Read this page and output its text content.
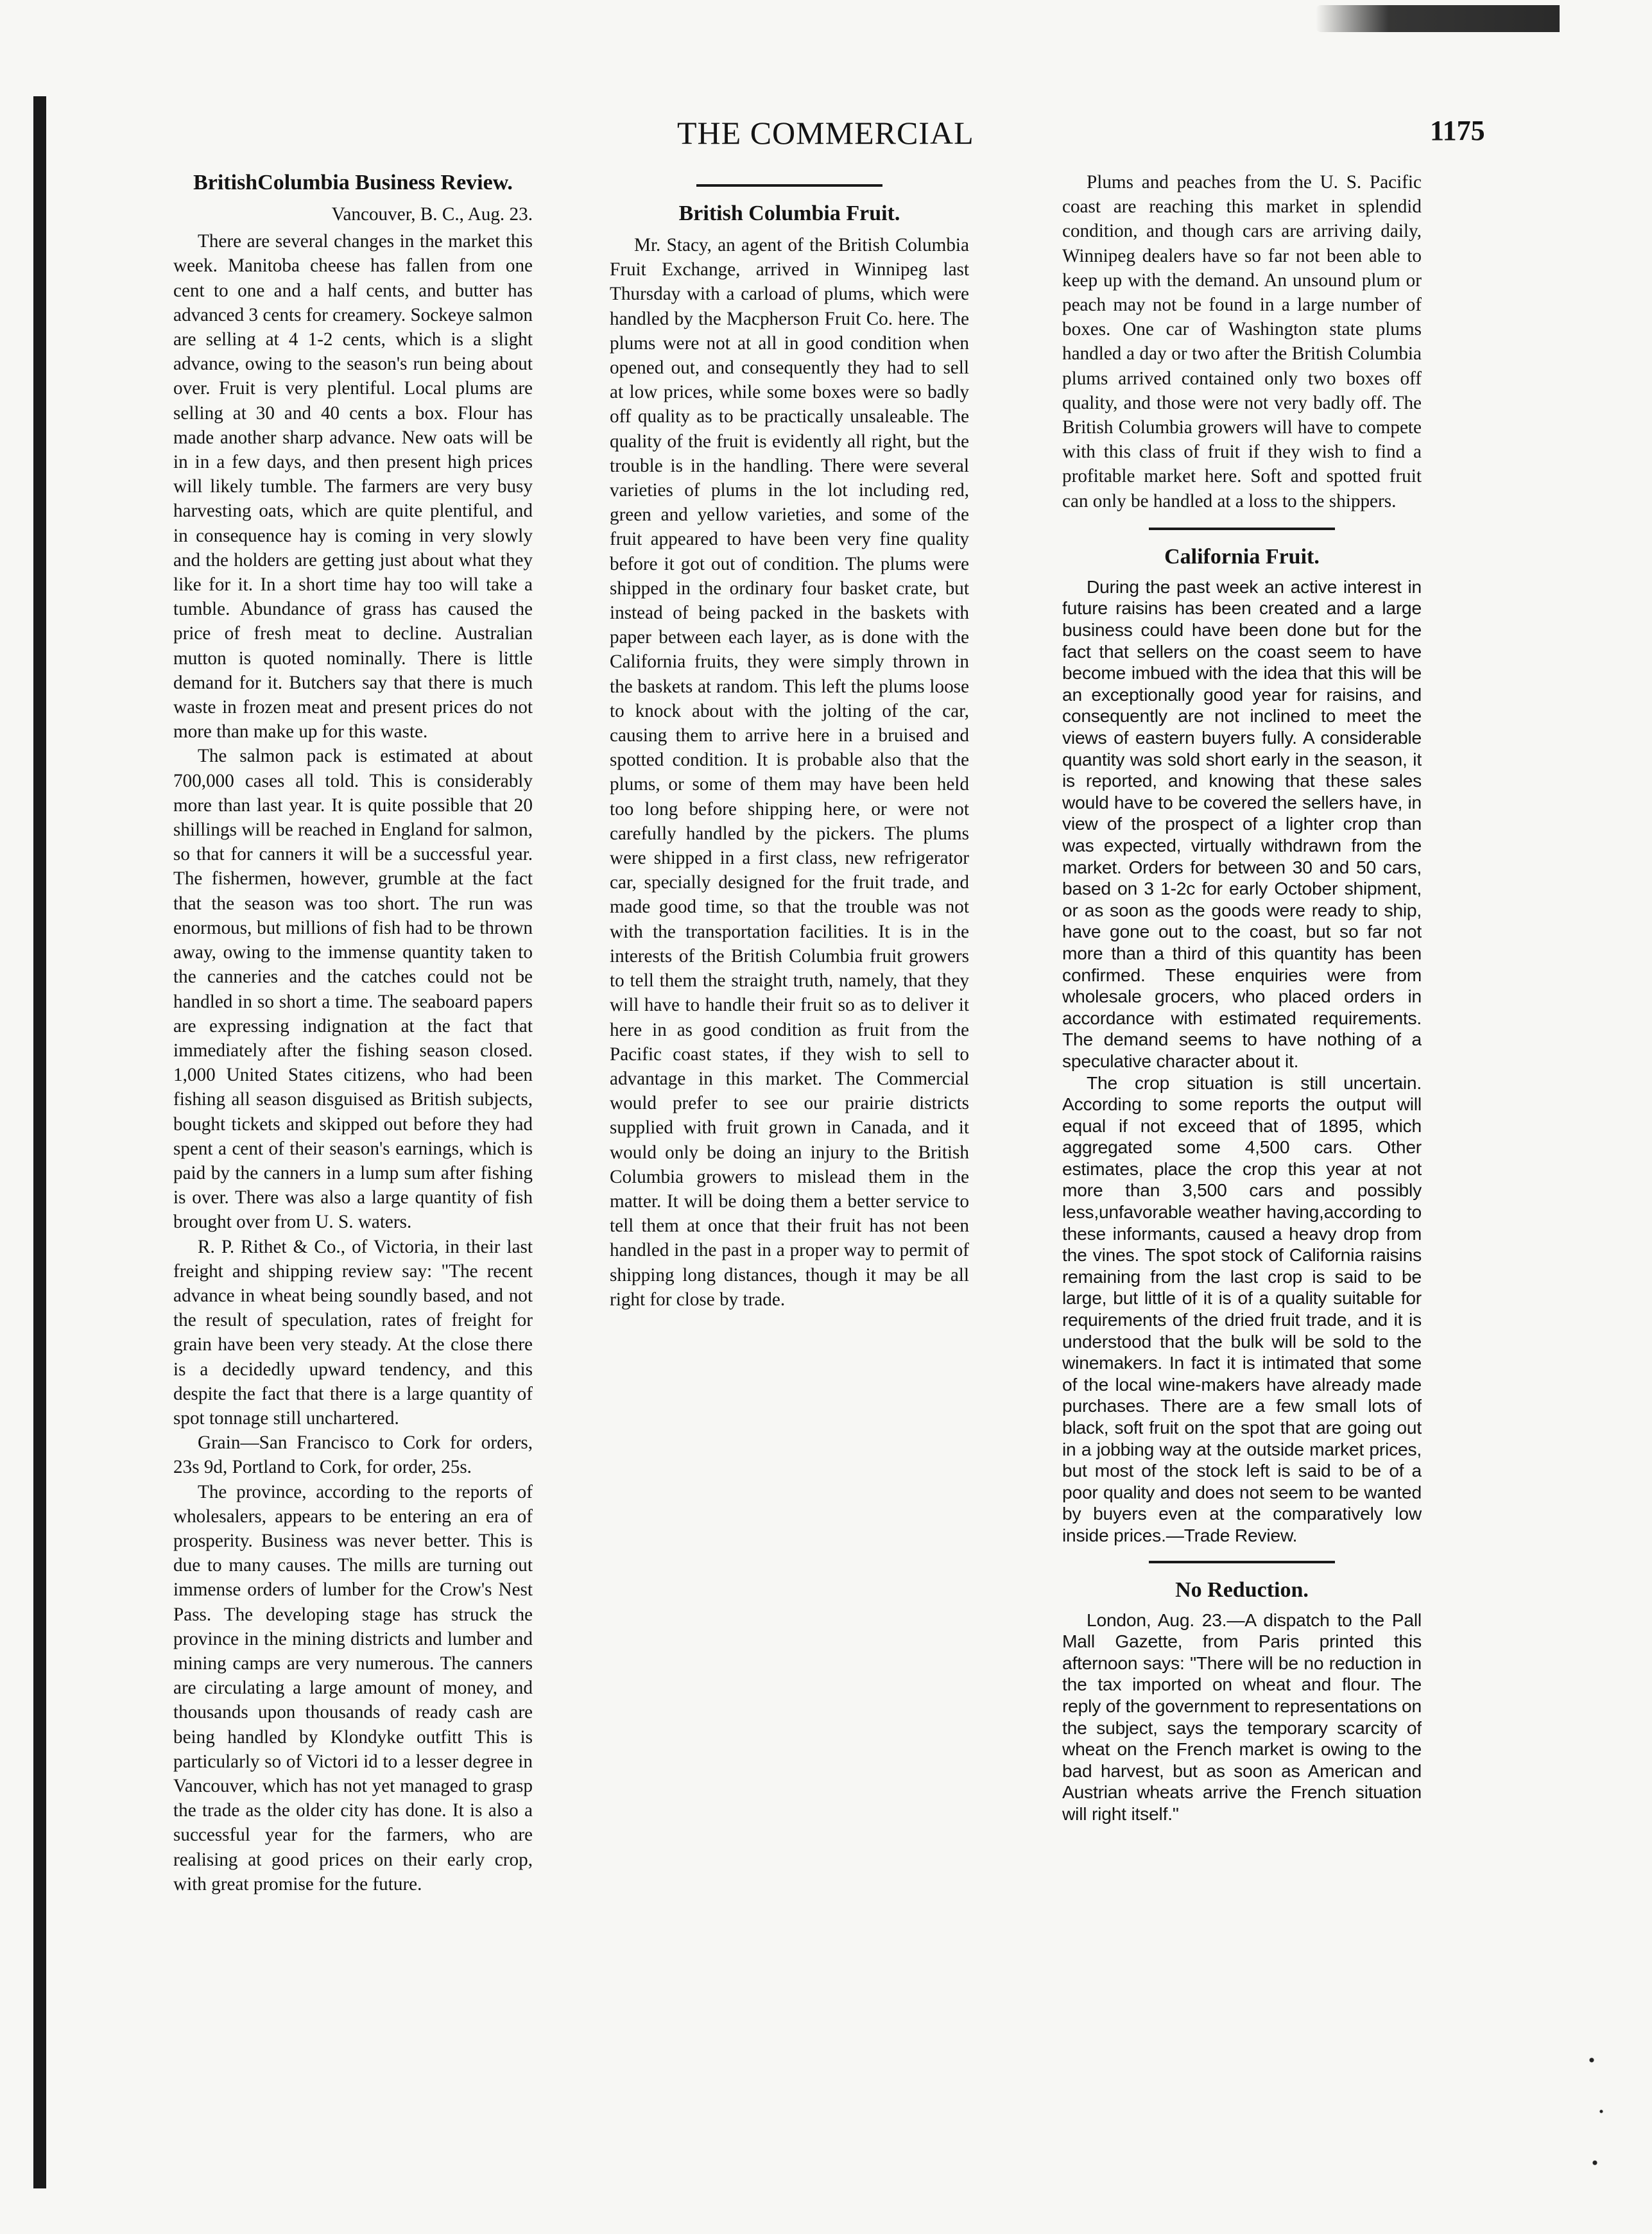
THE COMMERCIAL	1175
BritishColumbia Business Review.
Vancouver, B. C., Aug. 23.

There are several changes in the market this week. Manitoba cheese has fallen from one cent to one and a half cents, and butter has advanced 3 cents for creamery. Sockeye salmon are selling at 4 1-2 cents, which is a slight advance, owing to the season's run being about over. Fruit is very plentiful. Local plums are selling at 30 and 40 cents a box. Flour has made another sharp advance. New oats will be in in a few days, and then present high prices will likely tumble. The farmers are very busy harvesting oats, which are quite plentiful, and in consequence hay is coming in very slowly and the holders are getting just about what they like for it. In a short time hay too will take a tumble. Abundance of grass has caused the price of fresh meat to decline. Australian mutton is quoted nominally. There is little demand for it. Butchers say that there is much waste in frozen meat and present prices do not more than make up for this waste.

The salmon pack is estimated at about 700,000 cases all told. This is considerably more than last year. It is quite possible that 20 shillings will be reached in England for salmon, so that for canners it will be a successful year. The fishermen, however, grumble at the fact that the season was too short. The run was enormous, but millions of fish had to be thrown away, owing to the immense quantity taken to the canneries and the catches could not be handled in so short a time. The seaboard papers are expressing indignation at the fact that immediately after the fishing season closed. 1,000 United States citizens, who had been fishing all season disguised as British subjects, bought tickets and skipped out before they had spent a cent of their season's earnings, which is paid by the canners in a lump sum after fishing is over. There was also a large quantity of fish brought over from U. S. waters.

R. P. Rithet & Co., of Victoria, in their last freight and shipping review say: "The recent advance in wheat being soundly based, and not the result of speculation, rates of freight for grain have been very steady. At the close there is a decidedly upward tendency, and this despite the fact that there is a large quantity of spot tonnage still unchartered.

Grain—San Francisco to Cork for orders, 23s 9d, Portland to Cork, for order, 25s.

The province, according to the reports of wholesalers, appears to be entering an era of prosperity. Business was never better. This is due to many causes. The mills are turning out immense orders of lumber for the Crow's Nest Pass. The developing stage has struck the province in the mining districts and lumber and mining camps are very numerous. The canners are circulating a large amount of money, and thousands upon thousands of ready cash are being handled by Klondyke outfitt This is particularly so of Victori id to a lesser degree in Vancouver, which has not yet managed to grasp the trade as the older city has done. It is also a successful year for the farmers, who are realising at good prices on their early crop, with great promise for the future.

British Columbia Fruit.

Mr. Stacy, an agent of the British Columbia Fruit Exchange, arrived in Winnipeg last Thursday with a carload of plums, which were handled by the Macpherson Fruit Co. here. The plums were not at all in good condition when opened out, and consequently they had to sell at low prices, while some boxes were so badly off quality as to be practically unsaleable. The quality of the fruit is evidently all right, but the trouble is in the handling. There were several varieties of plums in the lot including red, green and yellow varieties, and some of the fruit appeared to have been very fine quality before it got out of condition. The plums were shipped in the ordinary four basket crate, but instead of being packed in the baskets with paper between each layer, as is done with the California fruits, they were simply thrown in the baskets at random. This left the plums loose to knock about with the jolting of the car, causing them to arrive here in a bruised and spotted condition. It is probable also that the plums, or some of them may have been held too long before shipping here, or were not carefully handled by the pickers. The plums were shipped in a first class, new refrigerator car, specially designed for the fruit trade, and made good time, so that the trouble was not with the transportation facilities. It is in the interests of the British Columbia fruit growers to tell them the straight truth, namely, that they will have to handle their fruit so as to deliver it here in as good condition as fruit from the Pacific coast states, if they wish to sell to advantage in this market. The Commercial would prefer to see our prairie districts supplied with fruit grown in Canada, and it would only be doing an injury to the British Columbia growers to mislead them in the matter. It will be doing them a better service to tell them at once that their fruit has not been handled in the past in a proper way to permit of shipping long distances, though it may be all right for close by trade.

Plums and peaches from the U. S. Pacific coast are reaching this market in splendid condition, and though cars are arriving daily, Winnipeg dealers have so far not been able to keep up with the demand. An unsound plum or peach may not be found in a large number of boxes. One car of Washington state plums handled a day or two after the British Columbia plums arrived contained only two boxes off quality, and those were not very badly off. The British Columbia growers will have to compete with this class of fruit if they wish to find a profitable market here. Soft and spotted fruit can only be handled at a loss to the shippers.

California Fruit.

During the past week an active interest in future raisins has been created and a large business could have been done but for the fact that sellers on the coast seem to have become imbued with the idea that this will be an exceptionally good year for raisins, and consequently are not inclined to meet the views of eastern buyers fully. A considerable quantity was sold short early in the season, it is reported, and knowing that these sales would have to be covered the sellers have, in view of the prospect of a lighter crop than was expected, virtually withdrawn from the market. Orders for between 30 and 50 cars, based on 3 1-2c for early October shipment, or as soon as the goods were ready to ship, have gone out to the coast, but so far not more than a third of this quantity has been confirmed. These enquiries were from wholesale grocers, who placed orders in accordance with estimated requirements. The demand seems to have nothing of a speculative character about it.

The crop situation is still uncertain. According to some reports the output will equal if not exceed that of 1895, which aggregated some 4,500 cars. Other estimates, place the crop this year at not more than 3,500 cars and possibly less,unfavorable weather having,according to these informants, caused a heavy drop from the vines. The spot stock of California raisins remaining from the last crop is said to be large, but little of it is of a quality suitable for requirements of the dried fruit trade, and it is understood that the bulk will be sold to the winemakers. In fact it is intimated that some of the local wine-makers have already made purchases. There are a few small lots of black, soft fruit on the spot that are going out in a jobbing way at the outside market prices, but most of the stock left is said to be of a poor quality and does not seem to be wanted by buyers even at the comparatively low inside prices.—Trade Review.

No Reduction.

London, Aug. 23.—A dispatch to the Pall Mall Gazette, from Paris printed this afternoon says: "There will be no reduction in the tax imported on wheat and flour. The reply of the government to representations on the subject, says the temporary scarcity of wheat on the French market is owing to the bad harvest, but as soon as American and Austrian wheats arrive the French situation will right itself."
